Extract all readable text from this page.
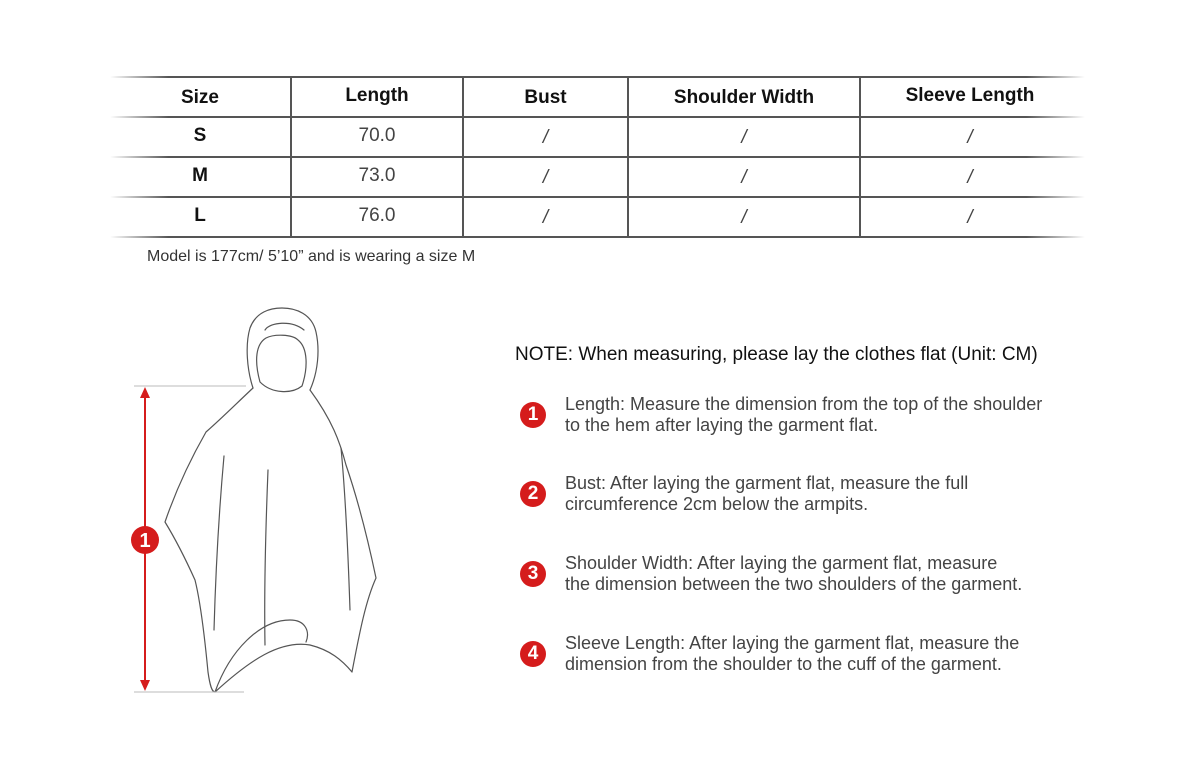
Size	Length	Bust	Shoulder Width	Sleeve Length
S	70.0	/	/	/
M	73.0	/	/	/
L	76.0	/	/	/
Model is 177cm/ 5’10” and is wearing a size M
1
NOTE: When measuring, please lay the clothes flat (Unit: CM)
1	Length: Measure the dimension from the top of the shoulder
to the hem after laying the garment flat.
2	Bust: After laying the garment flat, measure the full
circumference 2cm below the armpits.
3	Shoulder Width: After laying the garment flat, measure
the dimension between the two shoulders of the garment.
4	Sleeve Length: After laying the garment flat, measure the
dimension from the shoulder to the cuff of the garment.
